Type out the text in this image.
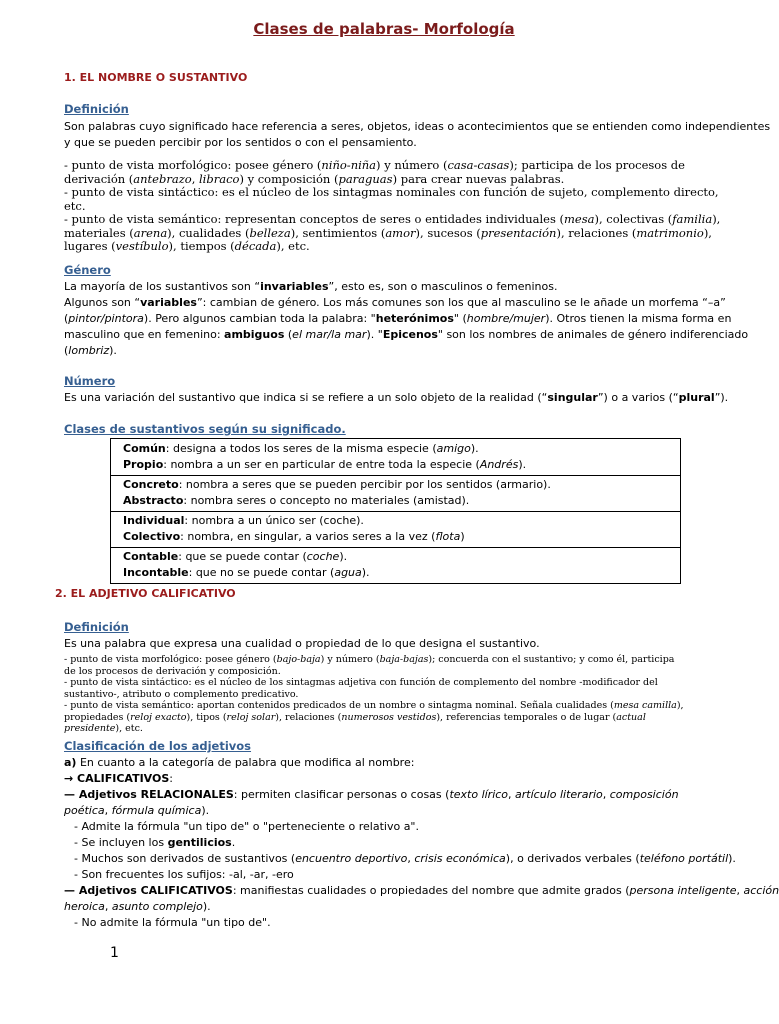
Clases de palabras- Morfología
1. EL NOMBRE O SUSTANTIVO
Definición
Son palabras cuyo significado hace referencia a seres, objetos, ideas o acontecimientos que se entienden como independientes
y que se pueden percibir por los sentidos o con el pensamiento.
- punto de vista morfológico: posee género (niño-niña) y número (casa-casas); participa de los procesos de
derivación (antebrazo, libraco) y composición (paraguas) para crear nuevas palabras.
- punto de vista sintáctico: es el núcleo de los sintagmas nominales con función de sujeto, complemento directo,
etc.
- punto de vista semántico: representan conceptos de seres o entidades individuales (mesa), colectivas (familia),
materiales (arena), cualidades (belleza), sentimientos (amor), sucesos (presentación), relaciones (matrimonio),
lugares (vestíbulo), tiempos (década), etc.
Género
La mayoría de los sustantivos son “invariables”, esto es, son o masculinos o femeninos.
Algunos son “variables”: cambian de género. Los más comunes son los que al masculino se le añade un morfema “–a”
(pintor/pintora). Pero algunos cambian toda la palabra: "heterónimos" (hombre/mujer). Otros tienen la misma forma en
masculino que en femenino: ambiguos (el mar/la mar). "Epicenos" son los nombres de animales de género indiferenciado
(lombriz).
Número
Es una variación del sustantivo que indica si se refiere a un solo objeto de la realidad (“singular”) o a varios (“plural”).
Clases de sustantivos según su significado.
Común: designa a todos los seres de la misma especie (amigo).
Propio: nombra a un ser en particular de entre toda la especie (Andrés).
Concreto: nombra a seres que se pueden percibir por los sentidos (armario).
Abstracto: nombra seres o concepto no materiales (amistad).
Individual: nombra a un único ser (coche).
Colectivo: nombra, en singular, a varios seres a la vez (flota)
Contable: que se puede contar (coche).
Incontable: que no se puede contar (agua).
2. EL ADJETIVO CALIFICATIVO
Definición
Es una palabra que expresa una cualidad o propiedad de lo que designa el sustantivo.
- punto de vista morfológico: posee género (bajo-baja) y número (baja-bajas); concuerda con el sustantivo; y como él, participa
de los procesos de derivación y composición.
- punto de vista sintáctico: es el núcleo de los sintagmas adjetiva con función de complemento del nombre -modificador del
sustantivo-, atributo o complemento predicativo.
- punto de vista semántico: aportan contenidos predicados de un nombre o sintagma nominal. Señala cualidades (mesa camilla),
propiedades (reloj exacto), tipos (reloj solar), relaciones (numerosos vestidos), referencias temporales o de lugar (actual
presidente), etc.
Clasificación de los adjetivos
a) En cuanto a la categoría de palabra que modifica al nombre:
→ CALIFICATIVOS:
— Adjetivos RELACIONALES: permiten clasificar personas o cosas (texto lírico, artículo literario, composición
poética, fórmula química).
- Admite la fórmula "un tipo de" o "perteneciente o relativo a".
- Se incluyen los gentilicios.
- Muchos son derivados de sustantivos (encuentro deportivo, crisis económica), o derivados verbales (teléfono portátil).
- Son frecuentes los sufijos: -al, -ar, -ero
— Adjetivos CALIFICATIVOS: manifiestas cualidades o propiedades del nombre que admite grados (persona inteligente, acción
heroica, asunto complejo).
- No admite la fórmula "un tipo de".
1
